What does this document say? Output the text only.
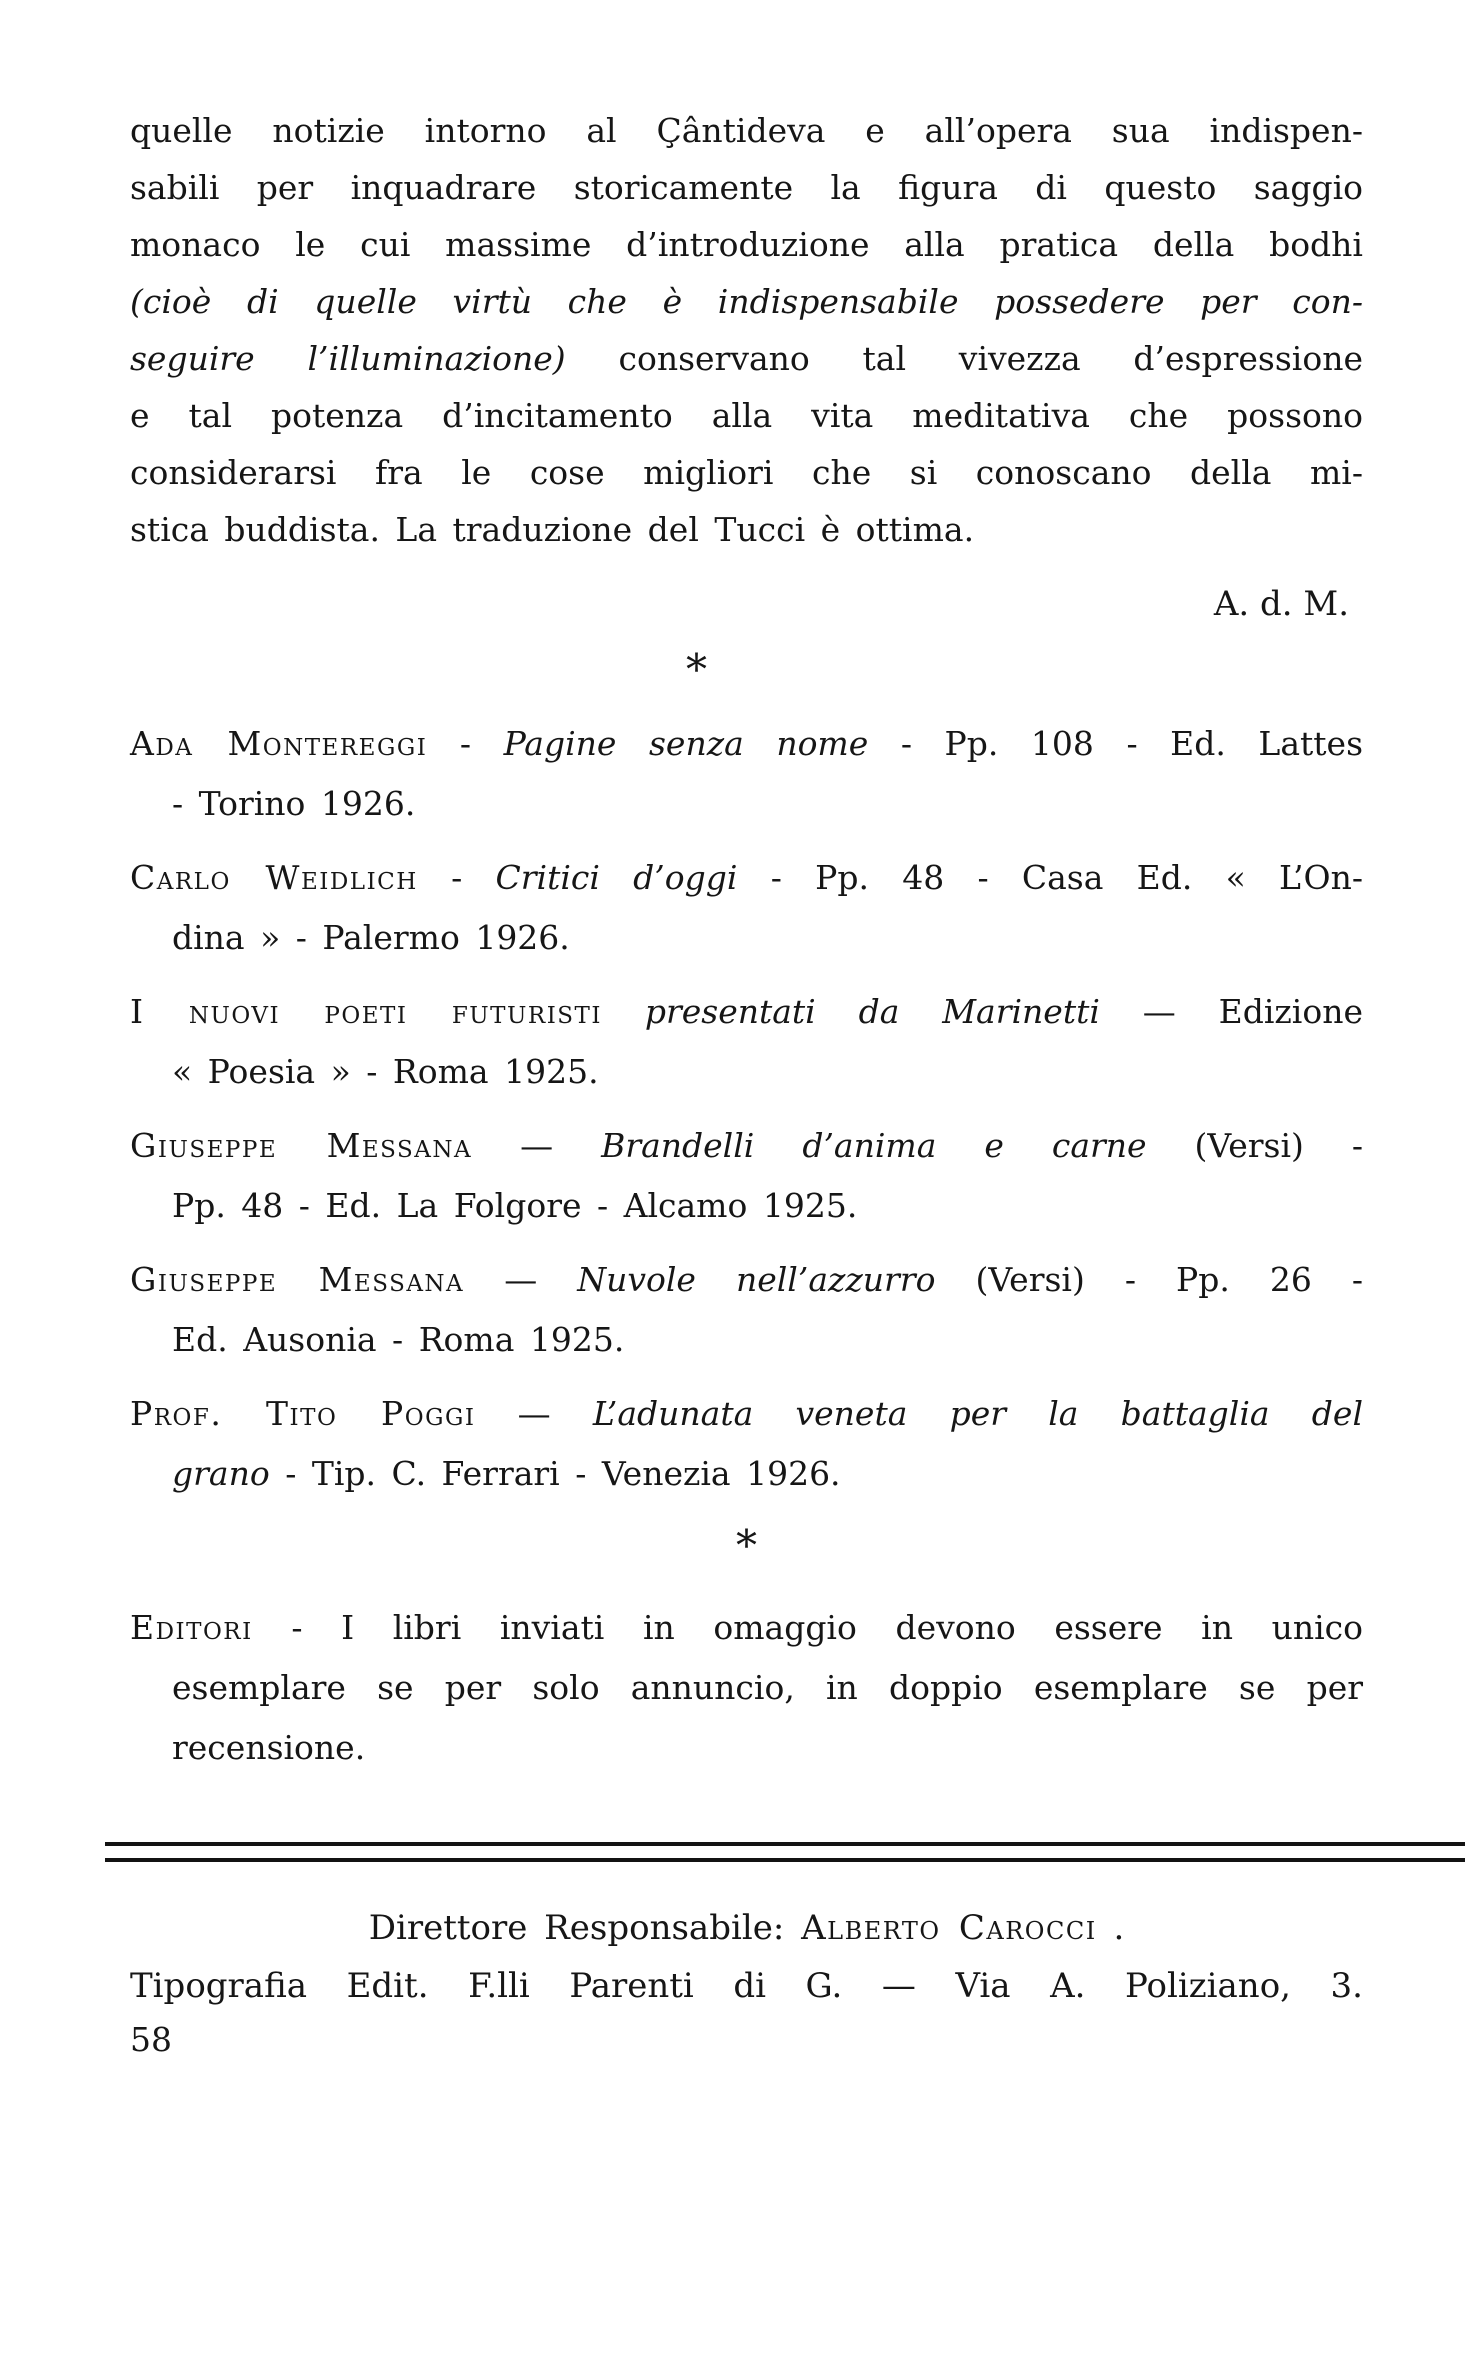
quelle notizie intorno al Çântideva e all’opera sua indispen-
sabili per inquadrare storicamente la figura di questo saggio
monaco le cui massime d’introduzione alla pratica della bodhi
(cioè di quelle virtù che è indispensabile possedere per con-
seguire l’illuminazione) conservano tal vivezza d’espressione
e tal potenza d’incitamento alla vita meditativa che possono
considerarsi fra le cose migliori che si conoscano della mi-
stica buddista. La traduzione del Tucci è ottima.
A. d. M.
*
Ada Montereggi - Pagine senza nome - Pp. 108 - Ed. Lattes
- Torino 1926.
Carlo Weidlich - Critici d’oggi - Pp. 48 - Casa Ed. « L’On-
dina » - Palermo 1926.
I nuovi poeti futuristi presentati da Marinetti — Edizione
« Poesia » - Roma 1925.
Giuseppe Messana — Brandelli d’anima e carne (Versi) -
Pp. 48 - Ed. La Folgore - Alcamo 1925.
Giuseppe Messana — Nuvole nell’azzurro (Versi) - Pp. 26 -
Ed. Ausonia - Roma 1925.
Prof. Tito Poggi — L’adunata veneta per la battaglia del
grano - Tip. C. Ferrari - Venezia 1926.
*
Editori - I libri inviati in omaggio devono essere in unico
esemplare se per solo annuncio, in doppio esemplare se per
recensione.
Direttore Responsabile: Alberto Carocci .
Tipografia Edit. F.lli Parenti di G. — Via A. Poliziano, 3.
58
